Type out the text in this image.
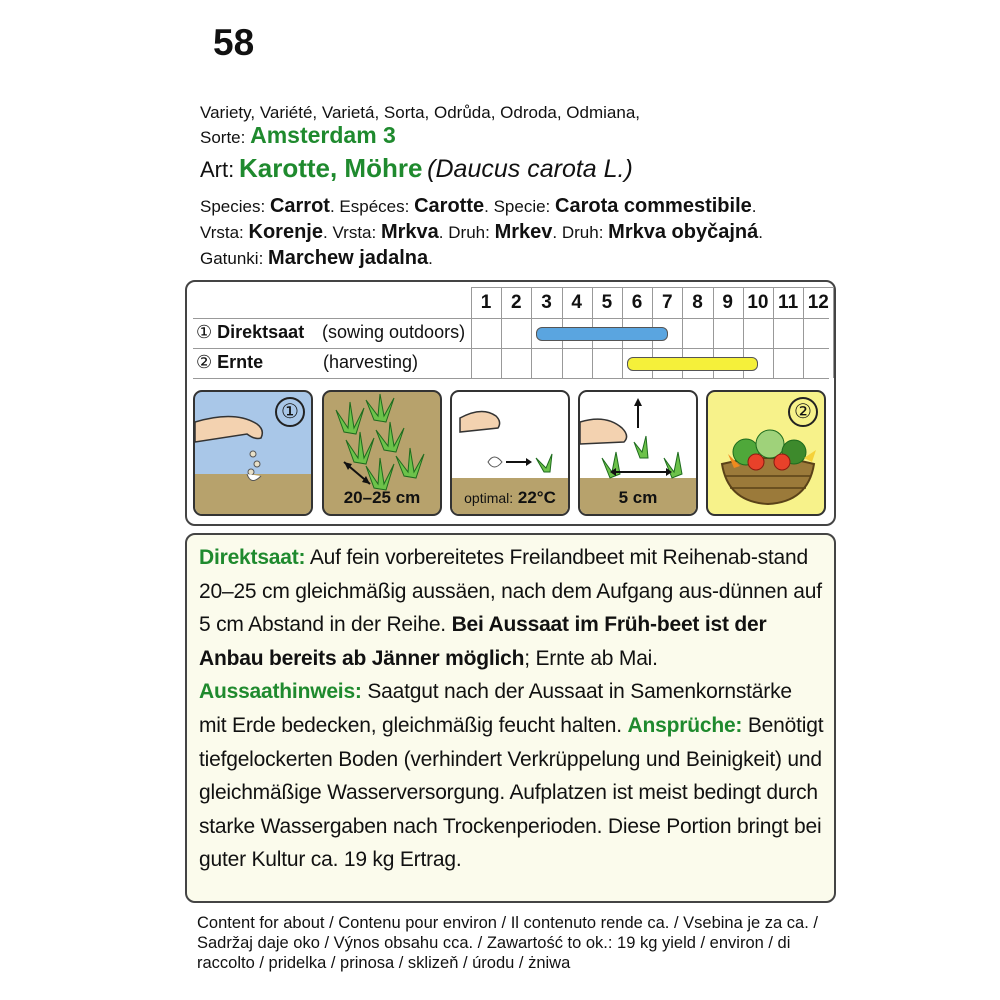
58
Variety, Variété, Varietá, Sorta, Odrůda, Odroda, Odmiana,
Sorte: Amsterdam 3
Art: Karotte, Möhre (Daucus carota L.)
Species: Carrot. Espéces: Carotte. Specie: Carota commestibile.
Vrsta: Korenje. Vrsta: Mrkva. Druh: Mrkev. Druh: Mrkva obyčajná.
Gatunki: Marchew jadalna.
1	2	3	4	5	6	7	8	9 10 11 12
① Direktsaat (sowing outdoors)
② Ernte	(harvesting)
①
20–25 cm	optimal: 22°C	5 cm
②

Direktsaat: Auf fein vorbereitetes Freilandbeet mit Reihenab-stand 20–25 cm gleichmäßig aussäen, nach dem Aufgang aus-dünnen auf 5 cm Abstand in der Reihe. Bei Aussaat im Früh-beet ist der Anbau bereits ab Jänner möglich; Ernte ab Mai. Aussaathinweis: Saatgut nach der Aussaat in Samenkornstärke mit Erde bedecken, gleichmäßig feucht halten. Ansprüche: Benötigt tiefgelockerten Boden (verhindert Verkrüppelung und Beinigkeit) und gleichmäßige Wasserversorgung. Aufplatzen ist meist bedingt durch starke Wassergaben nach Trockenperioden. Diese Portion bringt bei guter Kultur ca. 19 kg Ertrag.

Content for about / Contenu pour environ / Il contenuto rende ca. / Vsebina je za ca. / Sadržaj daje oko / Výnos obsahu cca. / Zawartość to ok.: 19 kg yield / environ / di raccolto / pridelka / prinosa / sklizeň / úrodu / żniwa
